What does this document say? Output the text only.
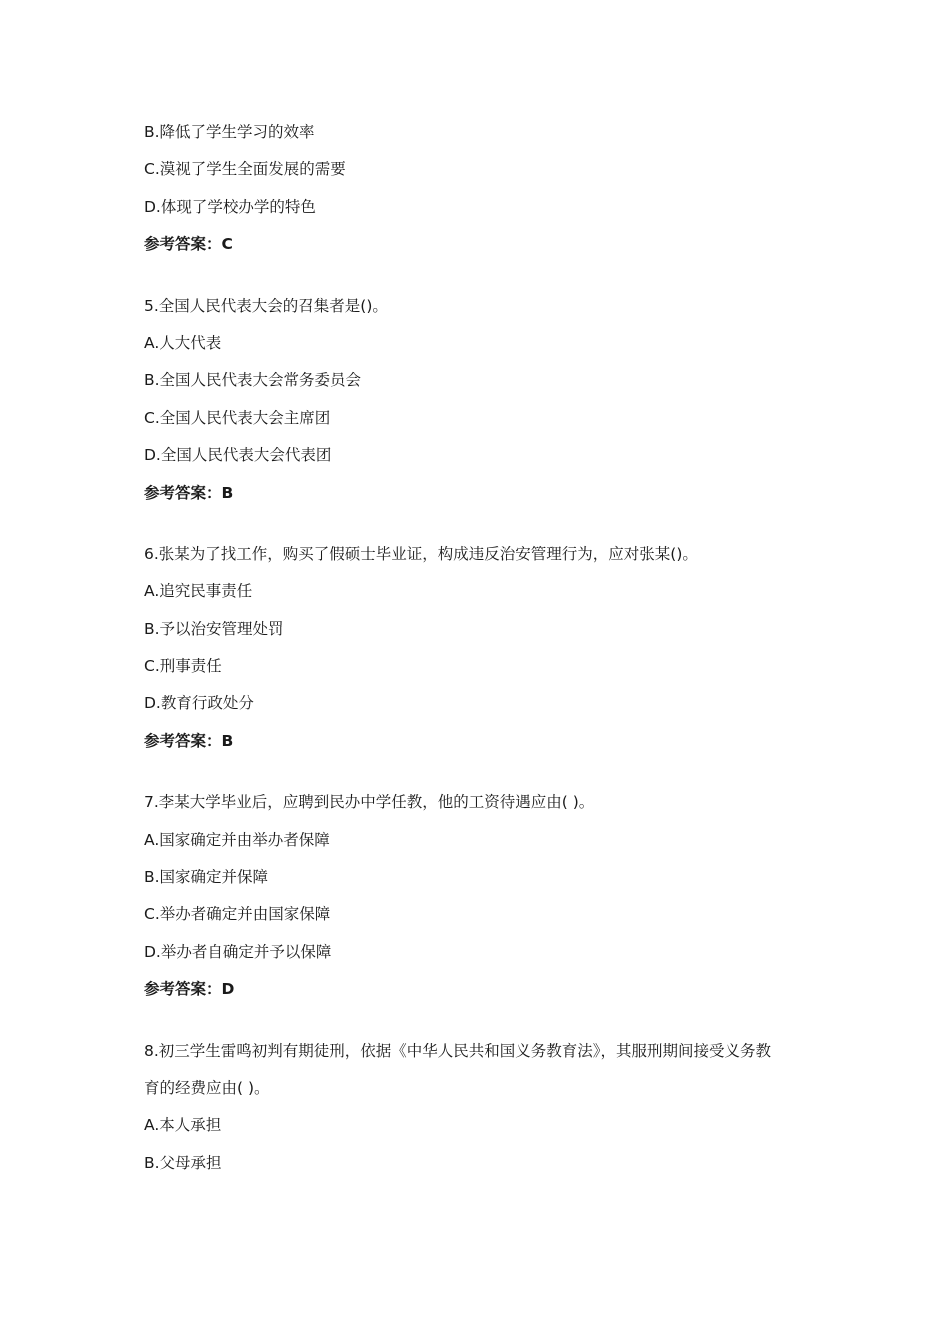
B.降低了学生学习的效率
C.漠视了学生全面发展的需要
D.体现了学校办学的特色
参考答案：C
5.全国人民代表大会的召集者是()。
A.人大代表
B.全国人民代表大会常务委员会
C.全国人民代表大会主席团
D.全国人民代表大会代表团
参考答案：B
6.张某为了找工作，购买了假硕士毕业证，构成违反治安管理行为，应对张某()。
A.追究民事责任
B.予以治安管理处罚
C.刑事责任
D.教育行政处分
参考答案：B
7.李某大学毕业后，应聘到民办中学任教，他的工资待遇应由( )。
A.国家确定并由举办者保障
B.国家确定并保障
C.举办者确定并由国家保障
D.举办者自确定并予以保障
参考答案：D
8.初三学生雷鸣初判有期徒刑，依据《中华人民共和国义务教育法》，其服刑期间接受义务教
育的经费应由( )。
A.本人承担
B.父母承担
